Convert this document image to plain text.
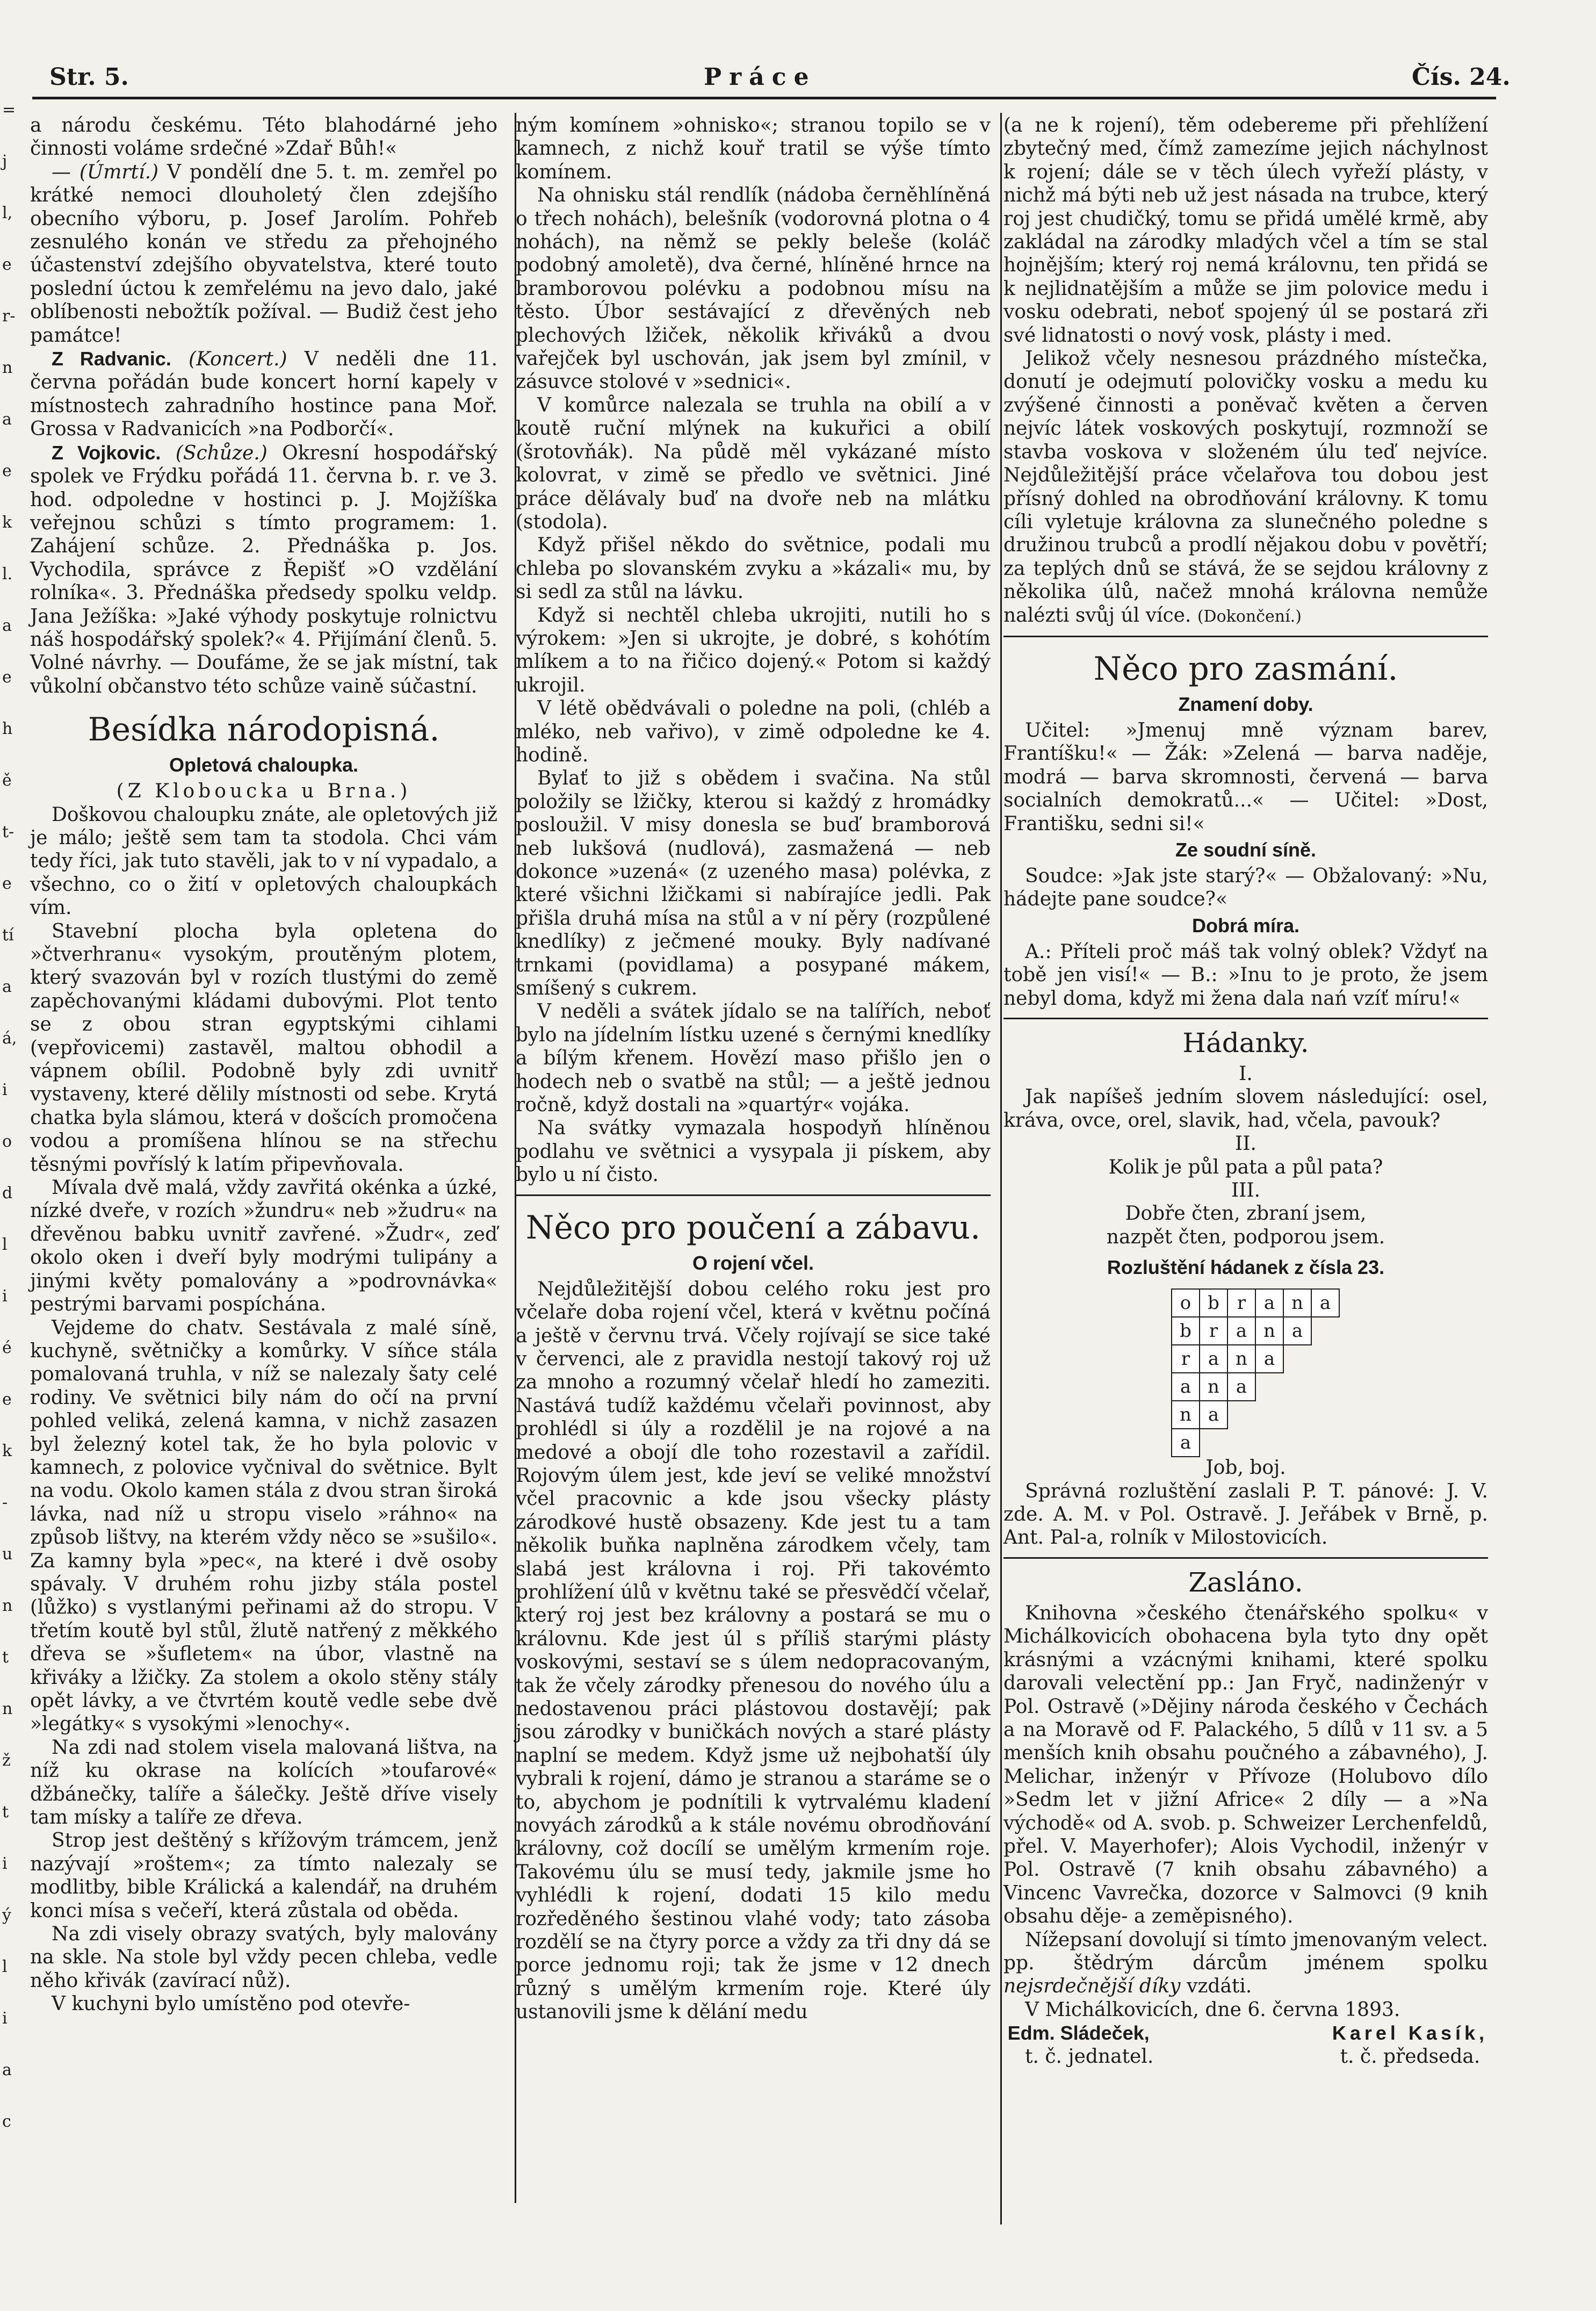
=
j
l,
e
r-
n
a
e
k
l.
a
e
h
ě
t-
e
tí
a
á,
i
o
d
l
i
é
e
k
-
u
n
t
n
ž
t
i
ý
l
i
a
c
Str. 5.	Práce	Čís. 24.

a národu českému. Této blahodárné jeho činnosti voláme srdečné »Zdař Bůh!«

— (Úmrtí.) V pondělí dne 5. t. m. zemřel po krátké nemoci dlouholetý člen zdejšího obecního výboru, p. Josef Jarolím. Pohřeb zesnulého konán ve středu za přehojného účastenství zdejšího obyvatelstva, které touto poslední úctou k zemřelému na jevo dalo, jaké oblíbenosti nebožtík požíval. — Budiž čest jeho památce!

Z Radvanic. (Koncert.) V neděli dne 11. června pořádán bude koncert horní kapely v místnostech zahradního hostince pana Moř. Grossa v Radvanicích »na Podborčí«.

Z Vojkovic. (Schůze.) Okresní hospodářský spolek ve Frýdku pořádá 11. června b. r. ve 3. hod. odpoledne v hostinci p. J. Mojžíška veřejnou schůzi s tímto programem: 1. Zahájení schůze. 2. Přednáška p. Jos. Vychodila, správce z Řepišť »O vzdělání rolníka«. 3. Přednáška předsedy spolku veldp. Jana Ježíška: »Jaké výhody poskytuje rolnictvu náš hospodářský spolek?« 4. Přijímání členů. 5. Volné návrhy. — Doufáme, že se jak místní, tak vůkolní občanstvo této schůze vaině súčastní.

Besídka národopisná.
Opletová chaloupka.

(Z Kloboucka u Brna.)

Doškovou chaloupku znáte, ale opletových již je málo; ještě sem tam ta stodola. Chci vám tedy říci, jak tuto stavěli, jak to v ní vypadalo, a všechno, co o žití v opletových chaloupkách vím.

Stavební plocha byla opletena do »čtverhranu« vysokým, proutěným plotem, který svazován byl v rozích tlustými do země zapěchovanými kládami dubovými. Plot tento se z obou stran egyptskými cihlami (vepřovicemi) zastavěl, maltou obhodil a vápnem obílil. Podobně byly zdi uvnitř vystaveny, které dělily místnosti od sebe. Krytá chatka byla slámou, která v došcích promočena vodou a promíšena hlínou se na střechu těsnými povříslý k latím připevňovala.

Mívala dvě malá, vždy zavřitá okénka a úzké, nízké dveře, v rozích »žundru« neb »žudru« na dřevěnou babku uvnitř zavřené. »Žudr«, zeď okolo oken i dveří byly modrými tulipány a jinými květy pomalovány a »podrovnávka« pestrými barvami pospíchána.

Vejdeme do chatv. Sestávala z malé síně, kuchyně, světničky a komůrky. V síňce stála pomalovaná truhla, v níž se nalezaly šaty celé rodiny. Ve světnici bily nám do očí na první pohled veliká, zelená kamna, v nichž zasazen byl železný kotel tak, že ho byla polovic v kamnech, z polovice vyčnival do světnice. Bylt na vodu. Okolo kamen stála z dvou stran široká lávka, nad níž u stropu viselo »ráhno« na způsob lištvy, na kterém vždy něco se »sušilo«. Za kamny byla »pec«, na které i dvě osoby spávaly. V druhém rohu jizby stála postel (lůžko) s vystlanými peřinami až do stropu. V třetím koutě byl stůl, žlutě natřený z měkkého dřeva se »šufletem« na úbor, vlastně na křiváky a lžičky. Za stolem a okolo stěny stály opět lávky, a ve čtvrtém koutě vedle sebe dvě »legátky« s vysokými »lenochy«.

Na zdi nad stolem visela malovaná lištva, na níž ku okrase na kolících »toufarové« džbánečky, talíře a šálečky. Ještě dříve visely tam mísky a talíře ze dřeva.

Strop jest deštěný s křížovým trámcem, jenž nazývají »roštem«; za tímto nalezaly se modlitby, bible Králická a kalendář, na druhém konci mísa s večeří, která zůstala od oběda.

Na zdi visely obrazy svatých, byly malovány na skle. Na stole byl vždy pecen chleba, vedle něho křivák (zavírací nůž).

V kuchyni bylo umístěno pod otevře-

ným komínem »ohnisko«; stranou topilo se v kamnech, z nichž kouř tratil se výše tímto komínem.

Na ohnisku stál rendlík (nádoba černěhlíněná o třech nohách), belešník (vodorovná plotna o 4 nohách), na němž se pekly beleše (koláč podobný amoletě), dva černé, hlíněné hrnce na bramborovou polévku a podobnou mísu na těsto. Úbor sestávající z dřevěných neb plechových lžiček, několik křiváků a dvou vařejček byl uschován, jak jsem byl zmínil, v zásuvce stolové v »sednici«.

V komůrce nalezala se truhla na obilí a v koutě ruční mlýnek na kukuřici a obilí (šrotovňák). Na půdě měl vykázané místo kolovrat, v zimě se předlo ve světnici. Jiné práce dělávaly buď na dvoře neb na mlátku (stodola).

Když přišel někdo do světnice, podali mu chleba po slovanském zvyku a »kázali« mu, by si sedl za stůl na lávku.

Když si nechtěl chleba ukrojiti, nutili ho s výrokem: »Jen si ukrojte, je dobré, s kohótím mlíkem a to na řičico dojený.« Potom si každý ukrojil.

V létě obědvávali o poledne na poli, (chléb a mléko, neb vařivo), v zimě odpoledne ke 4. hodině.

Bylať to již s obědem i svačina. Na stůl položily se lžičky, kterou si každý z hromádky posloužil. V misy donesla se buď bramborová neb lukšová (nudlová), zasmažená — neb dokonce »uzená« (z uzeného masa) polévka, z které všichni lžičkami si nabírajíce jedli. Pak přišla druhá mísa na stůl a v ní pěry (rozpůlené knedlíky) z ječmené mouky. Byly nadívané trnkami (povidlama) a posypané mákem, smíšený s cukrem.

V neděli a svátek jídalo se na talířích, neboť bylo na jídelním lístku uzené s černými knedlíky a bílým křenem. Hovězí maso přišlo jen o hodech neb o svatbě na stůl; — a ještě jednou ročně, když dostali na »quartýr« vojáka.

Na svátky vymazala hospodyň hlíněnou podlahu ve světnici a vysypala ji pískem, aby bylo u ní čisto.

Něco pro poučení a zábavu.
O rojení včel.

Nejdůležitější dobou celého roku jest pro včelaře doba rojení včel, která v květnu počíná a ještě v červnu trvá. Včely rojívají se sice také v červenci, ale z pravidla nestojí takový roj už za mnoho a rozumný včelař hledí ho zameziti. Nastává tudíž každému včelaři povinnost, aby prohlédl si úly a rozdělil je na rojové a na medové a obojí dle toho rozestavil a zařídil. Rojovým úlem jest, kde jeví se veliké množství včel pracovnic a kde jsou všecky plásty zárodkové hustě obsazeny. Kde jest tu a tam několik buňka naplněna zárodkem včely, tam slabá jest královna i roj. Při takovémto prohlížení úlů v květnu také se přesvědčí včelař, který roj jest bez královny a postará se mu o královnu. Kde jest úl s příliš starými plásty voskovými, sestaví se s úlem nedopracovaným, tak že včely zárodky přenesou do nového úlu a nedostavenou práci plástovou dostavějí; pak jsou zárodky v buničkách nových a staré plásty naplní se medem. Když jsme už nejbohatší úly vybrali k rojení, dámo je stranou a staráme se o to, abychom je podnítili k vytrvalému kladení novyách zárodků a k stále novému obrodňování královny, což docílí se umělým krmením roje. Takovému úlu se musí tedy, jakmile jsme ho vyhlédli k rojení, dodati 15 kilo medu rozředěného šestinou vlahé vody; tato zásoba rozdělí se na čtyry porce a vždy za tři dny dá se porce jednomu roji; tak že jsme v 12 dnech různý s umělým krmením roje. Které úly ustanovili jsme k dělání medu

(a ne k rojení), těm odebereme při přehlížení zbytečný med, čímž zamezíme jejich náchylnost k rojení; dále se v těch úlech vyřeží plásty, v nichž má býti neb už jest násada na trubce, který roj jest chudičký, tomu se přidá umělé krmě, aby zakládal na zárodky mladých včel a tím se stal hojnějším; který roj nemá královnu, ten přidá se k nejlidnatějším a může se jim polovice medu i vosku odebrati, neboť spojený úl se postará zři své lidnatosti o nový vosk, plásty i med.

Jelikož včely nesnesou prázdného místečka, donutí je odejmutí polovičky vosku a medu ku zvýšené činnosti a poněvač květen a červen nejvíc látek voskových poskytují, rozmnoží se stavba voskova v složeném úlu teď nejvíce. Nejdůležitější práce včelařova tou dobou jest přísný dohled na obrodňování královny. K tomu cíli vyletuje královna za slunečného poledne s družinou trubců a prodlí nějakou dobu v povětří; za teplých dnů se stává, že se sejdou královny z několika úlů, načež mnohá královna nemůže nalézti svůj úl více. (Dokončení.)

Něco pro zasmání.
Znamení doby.

Učitel: »Jmenuj mně význam barev, Frantíšku!« — Žák: »Zelená — barva naděje, modrá — barva skromnosti, červená — barva socialních demokratů...« — Učitel: »Dost, Františku, sedni si!«

Ze soudní síně.

Soudce: »Jak jste starý?« — Obžalovaný: »Nu, hádejte pane soudce?«

Dobrá míra.

A.: Příteli proč máš tak volný oblek? Vždyť na tobě jen visí!« — B.: »Inu to je proto, že jsem nebyl doma, když mi žena dala nań vzíť míru!«

Hádanky.

I.

Jak napíšeš jedním slovem následující: osel, kráva, ovce, orel, slavik, had, včela, pavouk?

II.

Kolik je půl pata a půl pata?

III.

Dobře čten, zbraní jsem,

nazpět čten, podporou jsem.

Rozluštění hádanek z čísla 23.
o b r a n a
b r a n a
r a n a
a n a
n a
a

Job, boj.

Správná rozluštění zaslali P. T. pánové: J. V. zde. A. M. v Pol. Ostravě. J. Jeřábek v Brně, p. Ant. Pal-a, rolník v Milostovicích.

Zasláno.

Knihovna »českého čtenářského spolku« v Michálkovicích obohacena byla tyto dny opět krásnými a vzácnými knihami, které spolku darovali velectění pp.: Jan Fryč, nadinženýr v Pol. Ostravě (»Dějiny národa českého v Čechách a na Moravě od F. Palackého, 5 dílů v 11 sv. a 5 menších knih obsahu poučného a zábavného), J. Melichar, inženýr v Přívoze (Holubovo dílo »Sedm let v jižní Africe« 2 díly — a »Na východě« od A. svob. p. Schweizer Lerchenfeldů, přel. V. Mayerhofer); Alois Vychodil, inženýr v Pol. Ostravě (7 knih obsahu zábavného) a Vincenc Vavrečka, dozorce v Salmovci (9 knih obsahu děje- a zeměpisného).

Nížepsaní dovolují si tímto jmenovaným velect. pp. štědrým dárcům jménem spolku nejsrdečnější díky vzdáti.

V Michálkovicích, dne 6. června 1893.

Edm. Sládeček,
t. č. jednatel.
Karel Kasík,
t. č. předseda.
